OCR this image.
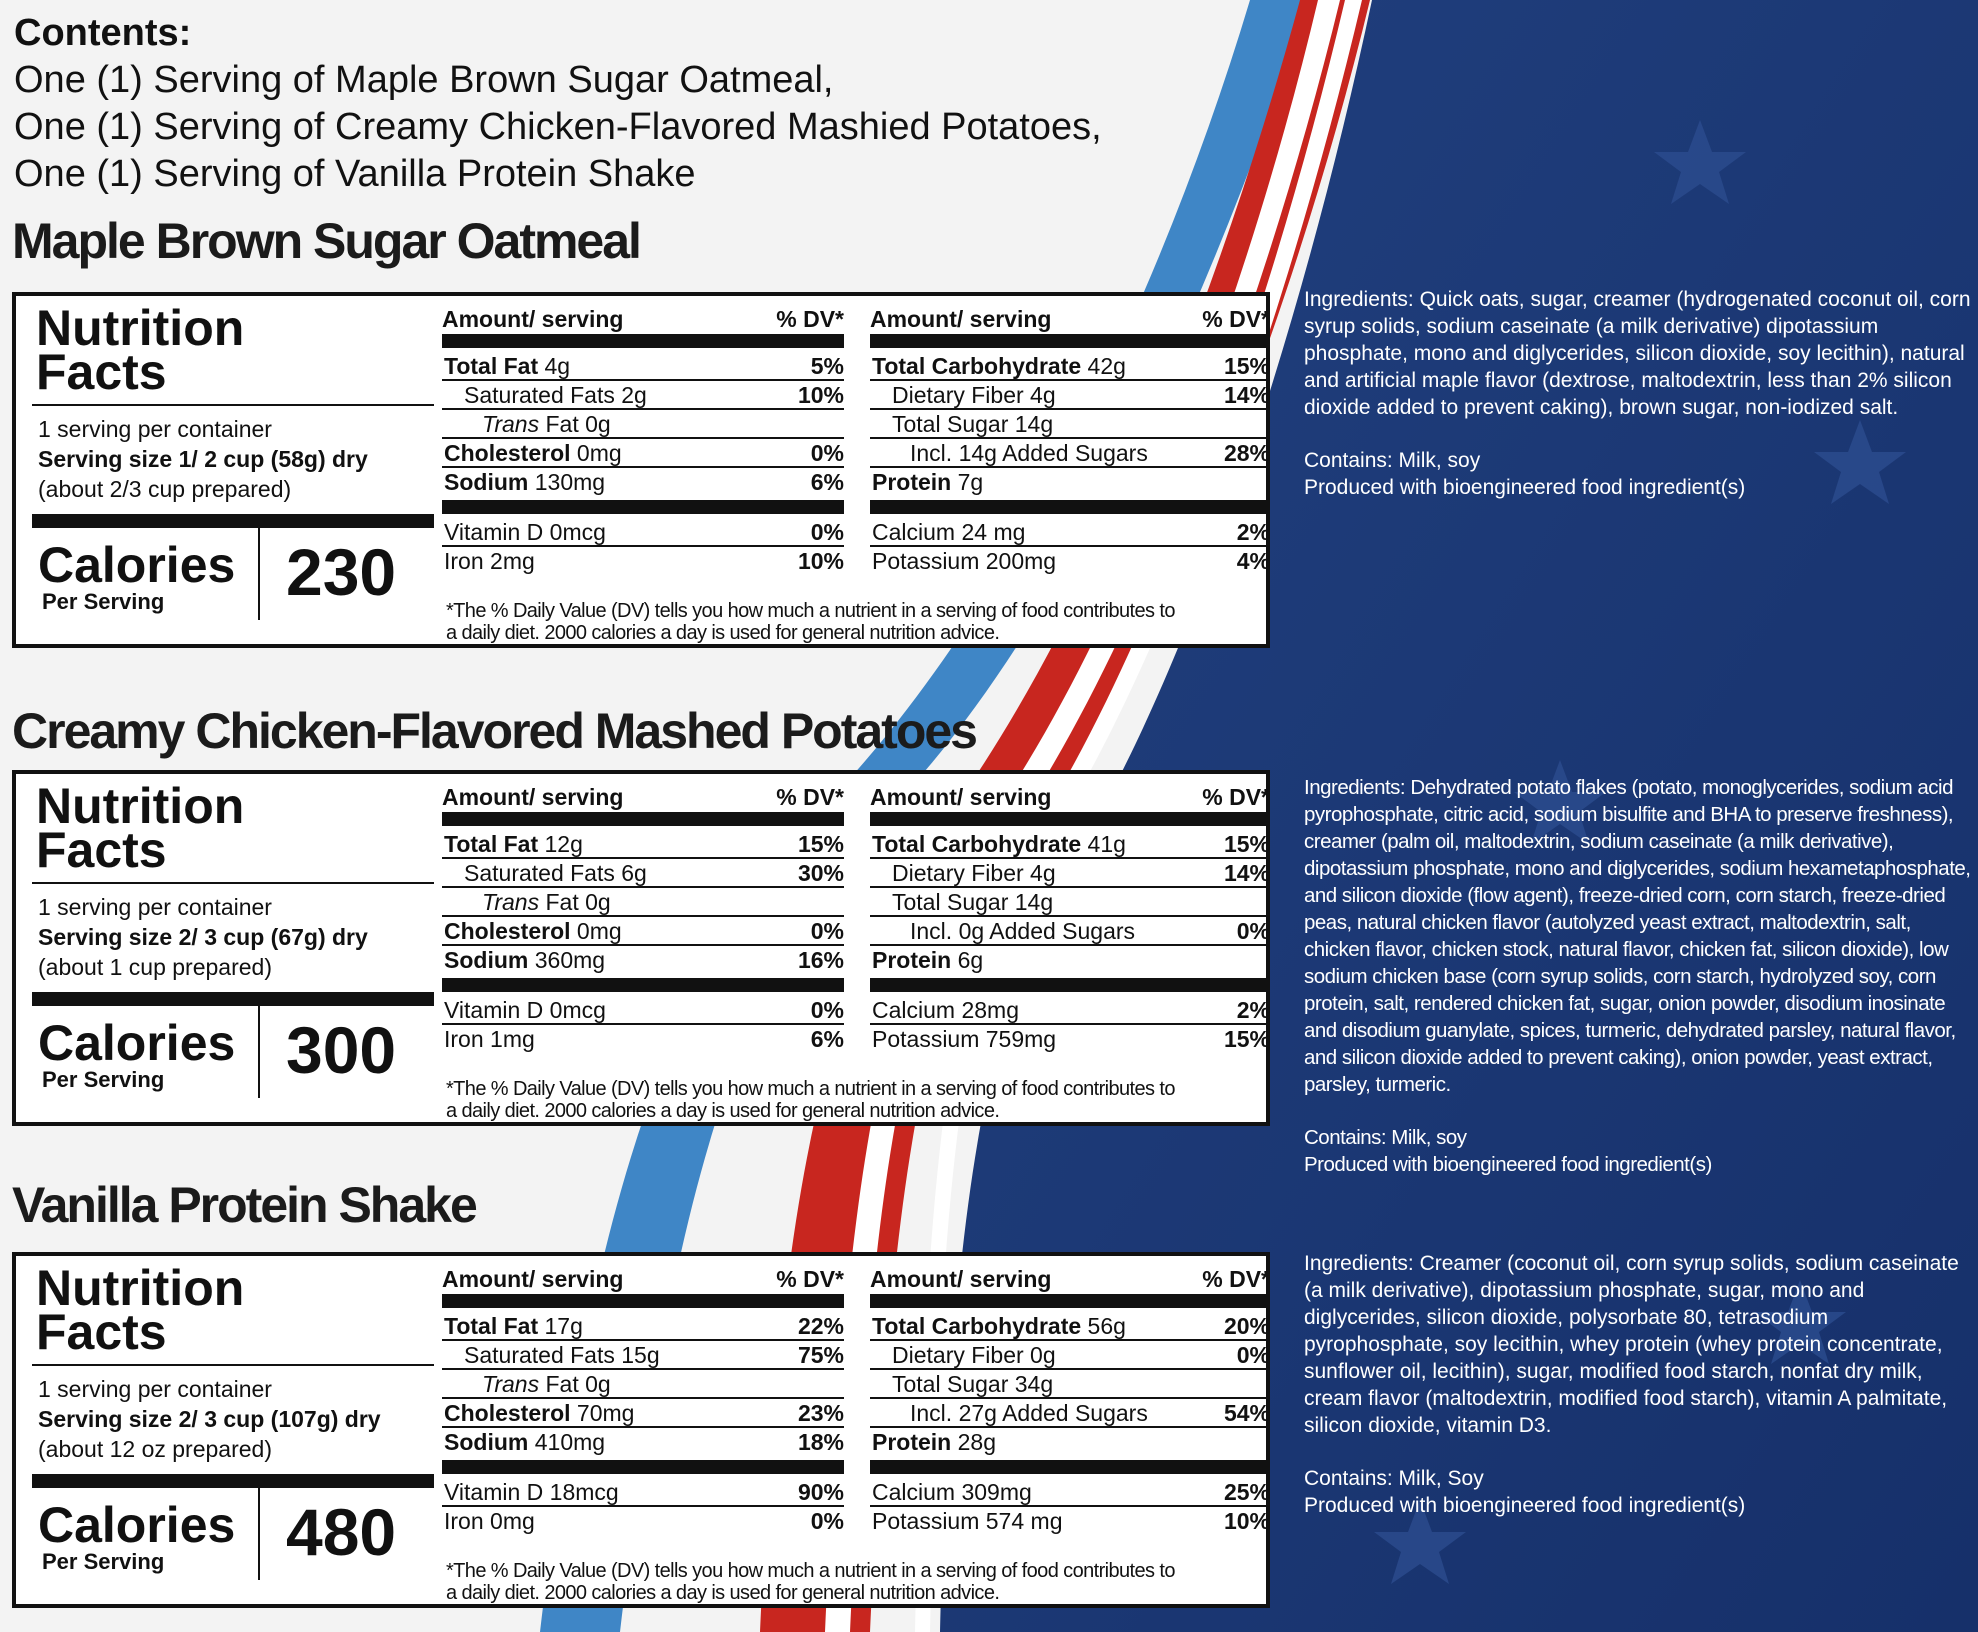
Contents:
One (1) Serving of Maple Brown Sugar Oatmeal,
One (1) Serving of Creamy Chicken-Flavored Mashied Potatoes,
One (1) Serving of Vanilla Protein Shake
Maple Brown Sugar Oatmeal
Creamy Chicken-Flavored Mashed Potatoes
Vanilla Protein Shake
Nutrition
Facts
1 serving per container
Serving size 1/ 2 cup (58g) dry
(about 2/3 cup prepared)
Calories
Per Serving 230
Amount/ serving	% DV*
Total Fat 4g	5%
Saturated Fats 2g	10%
Trans Fat 0g
Cholesterol 0mg	0%
Sodium 130mg	6%
Vitamin D 0mcg	0%
Iron 2mg	10%
Amount/ serving	% DV*
Total Carbohydrate 42g	15%
Dietary Fiber 4g	14%
Total Sugar 14g
Incl. 14g Added Sugars	28%
Protein 7g
Calcium 24 mg	2%
Potassium 200mg	4%
*The % Daily Value (DV) tells you how much a nutrient in a serving of food contributes to
a daily diet. 2000 calories a day is used for general nutrition advice.
Nutrition
Facts
1 serving per container
Serving size 2/ 3 cup (67g) dry
(about 1 cup prepared)
Calories
Per Serving 300
Amount/ serving	% DV*
Total Fat 12g	15%
Saturated Fats 6g	30%
Trans Fat 0g
Cholesterol 0mg	0%
Sodium 360mg	16%
Vitamin D 0mcg	0%
Iron 1mg	6%
Amount/ serving	% DV*
Total Carbohydrate 41g	15%
Dietary Fiber 4g	14%
Total Sugar 14g
Incl. 0g Added Sugars	0%
Protein 6g
Calcium 28mg	2%
Potassium 759mg	15%
*The % Daily Value (DV) tells you how much a nutrient in a serving of food contributes to
a daily diet. 2000 calories a day is used for general nutrition advice.
Nutrition
Facts
1 serving per container
Serving size 2/ 3 cup (107g) dry
(about 12 oz prepared)
Calories
Per Serving 480
Amount/ serving	% DV*
Total Fat 17g	22%
Saturated Fats 15g	75%
Trans Fat 0g
Cholesterol 70mg	23%
Sodium 410mg	18%
Vitamin D 18mcg	90%
Iron 0mg	0%
Amount/ serving	% DV*
Total Carbohydrate 56g	20%
Dietary Fiber 0g	0%
Total Sugar 34g
Incl. 27g Added Sugars	54%
Protein 28g
Calcium 309mg	25%
Potassium 574 mg	10%
*The % Daily Value (DV) tells you how much a nutrient in a serving of food contributes to
a daily diet. 2000 calories a day is used for general nutrition advice.

Ingredients: Quick oats, sugar, creamer (hydrogenated coconut oil, corn syrup solids, sodium caseinate (a milk derivative) dipotassium phosphate, mono and diglycerides, silicon dioxide, soy lecithin), natural and artificial maple flavor (dextrose, maltodextrin, less than 2% silicon dioxide added to prevent caking), brown sugar, non-iodized salt.

Contains: Milk, soy
Produced with bioengineered food ingredient(s)

Ingredients: Dehydrated potato flakes (potato, monoglycerides, sodium acid pyrophosphate, citric acid, sodium bisulfite and BHA to preserve freshness), creamer (palm oil, maltodextrin, sodium caseinate (a milk derivative), dipotassium phosphate, mono and diglycerides, sodium hexametaphosphate, and silicon dioxide (flow agent), freeze-dried corn, corn starch, freeze-dried peas, natural chicken flavor (autolyzed yeast extract, maltodextrin, salt, chicken flavor, chicken stock, natural flavor, chicken fat, silicon dioxide), low sodium chicken base (corn syrup solids, corn starch, hydrolyzed soy, corn protein, salt, rendered chicken fat, sugar, onion powder, disodium inosinate and disodium guanylate, spices, turmeric, dehydrated parsley, natural flavor, and silicon dioxide added to prevent caking), onion powder, yeast extract, parsley, turmeric.

Contains: Milk, soy
Produced with bioengineered food ingredient(s)

Ingredients: Creamer (coconut oil, corn syrup solids, sodium caseinate (a milk derivative), dipotassium phosphate, sugar, mono and diglycerides, silicon dioxide, polysorbate 80, tetrasodium pyrophosphate, soy lecithin, whey protein (whey protein concentrate, sunflower oil, lecithin), sugar, modified food starch, nonfat dry milk, cream flavor (maltodextrin, modified food starch), vitamin A palmitate, silicon dioxide, vitamin D3.

Contains: Milk, Soy
Produced with bioengineered food ingredient(s)
